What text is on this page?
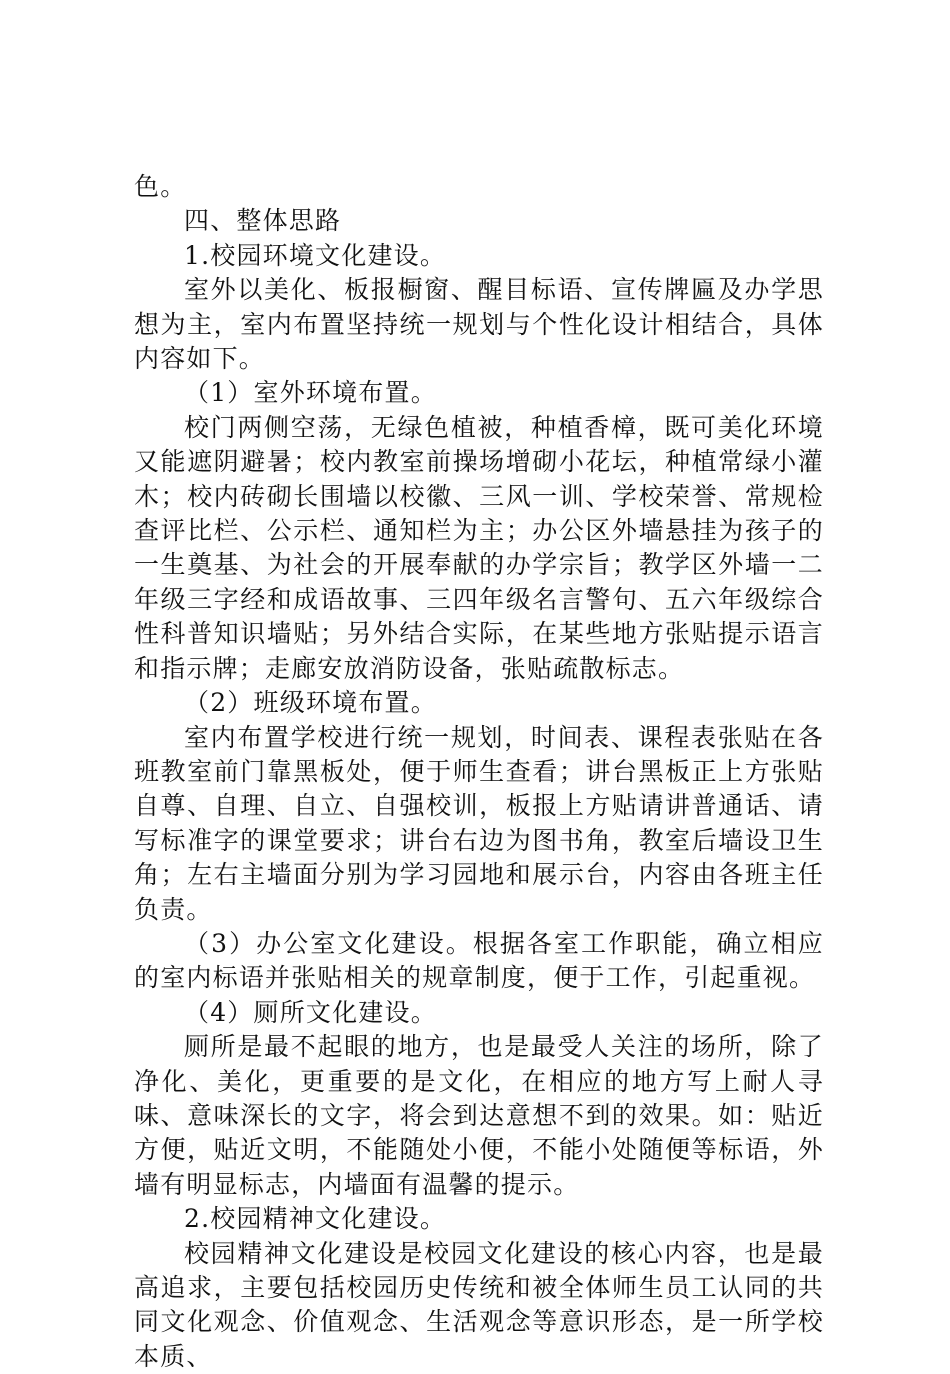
色。

四、整体思路

1.校园环境文化建设。

室外以美化、板报橱窗、醒目标语、宣传牌匾及办学思想为主，室内布置坚持统一规划与个性化设计相结合，具体内容如下。

（1）室外环境布置。

校门两侧空荡，无绿色植被，种植香樟，既可美化环境又能遮阴避暑；校内教室前操场增砌小花坛，种植常绿小灌木；校内砖砌长围墙以校徽、三风一训、学校荣誉、常规检查评比栏、公示栏、通知栏为主；办公区外墙悬挂为孩子的一生奠基、为社会的开展奉献的办学宗旨；教学区外墙一二年级三字经和成语故事、三四年级名言警句、五六年级综合性科普知识墙贴；另外结合实际，在某些地方张贴提示语言和指示牌；走廊安放消防设备，张贴疏散标志。

（2）班级环境布置。

室内布置学校进行统一规划，时间表、课程表张贴在各班教室前门靠黑板处，便于师生查看；讲台黑板正上方张贴自尊、自理、自立、自强校训，板报上方贴请讲普通话、请写标准字的课堂要求；讲台右边为图书角，教室后墙设卫生角；左右主墙面分别为学习园地和展示台，内容由各班主任负责。

（3）办公室文化建设。根据各室工作职能，确立相应的室内标语并张贴相关的规章制度，便于工作，引起重视。

（4）厕所文化建设。

厕所是最不起眼的地方，也是最受人关注的场所，除了净化、美化，更重要的是文化，在相应的地方写上耐人寻味、意味深长的文字，将会到达意想不到的效果。如：贴近方便，贴近文明，不能随处小便，不能小处随便等标语，外墙有明显标志，内墙面有温馨的提示。

2.校园精神文化建设。

校园精神文化建设是校园文化建设的核心内容，也是最高追求，主要包括校园历史传统和被全体师生员工认同的共同文化观念、价值观念、生活观念等意识形态，是一所学校本质、
